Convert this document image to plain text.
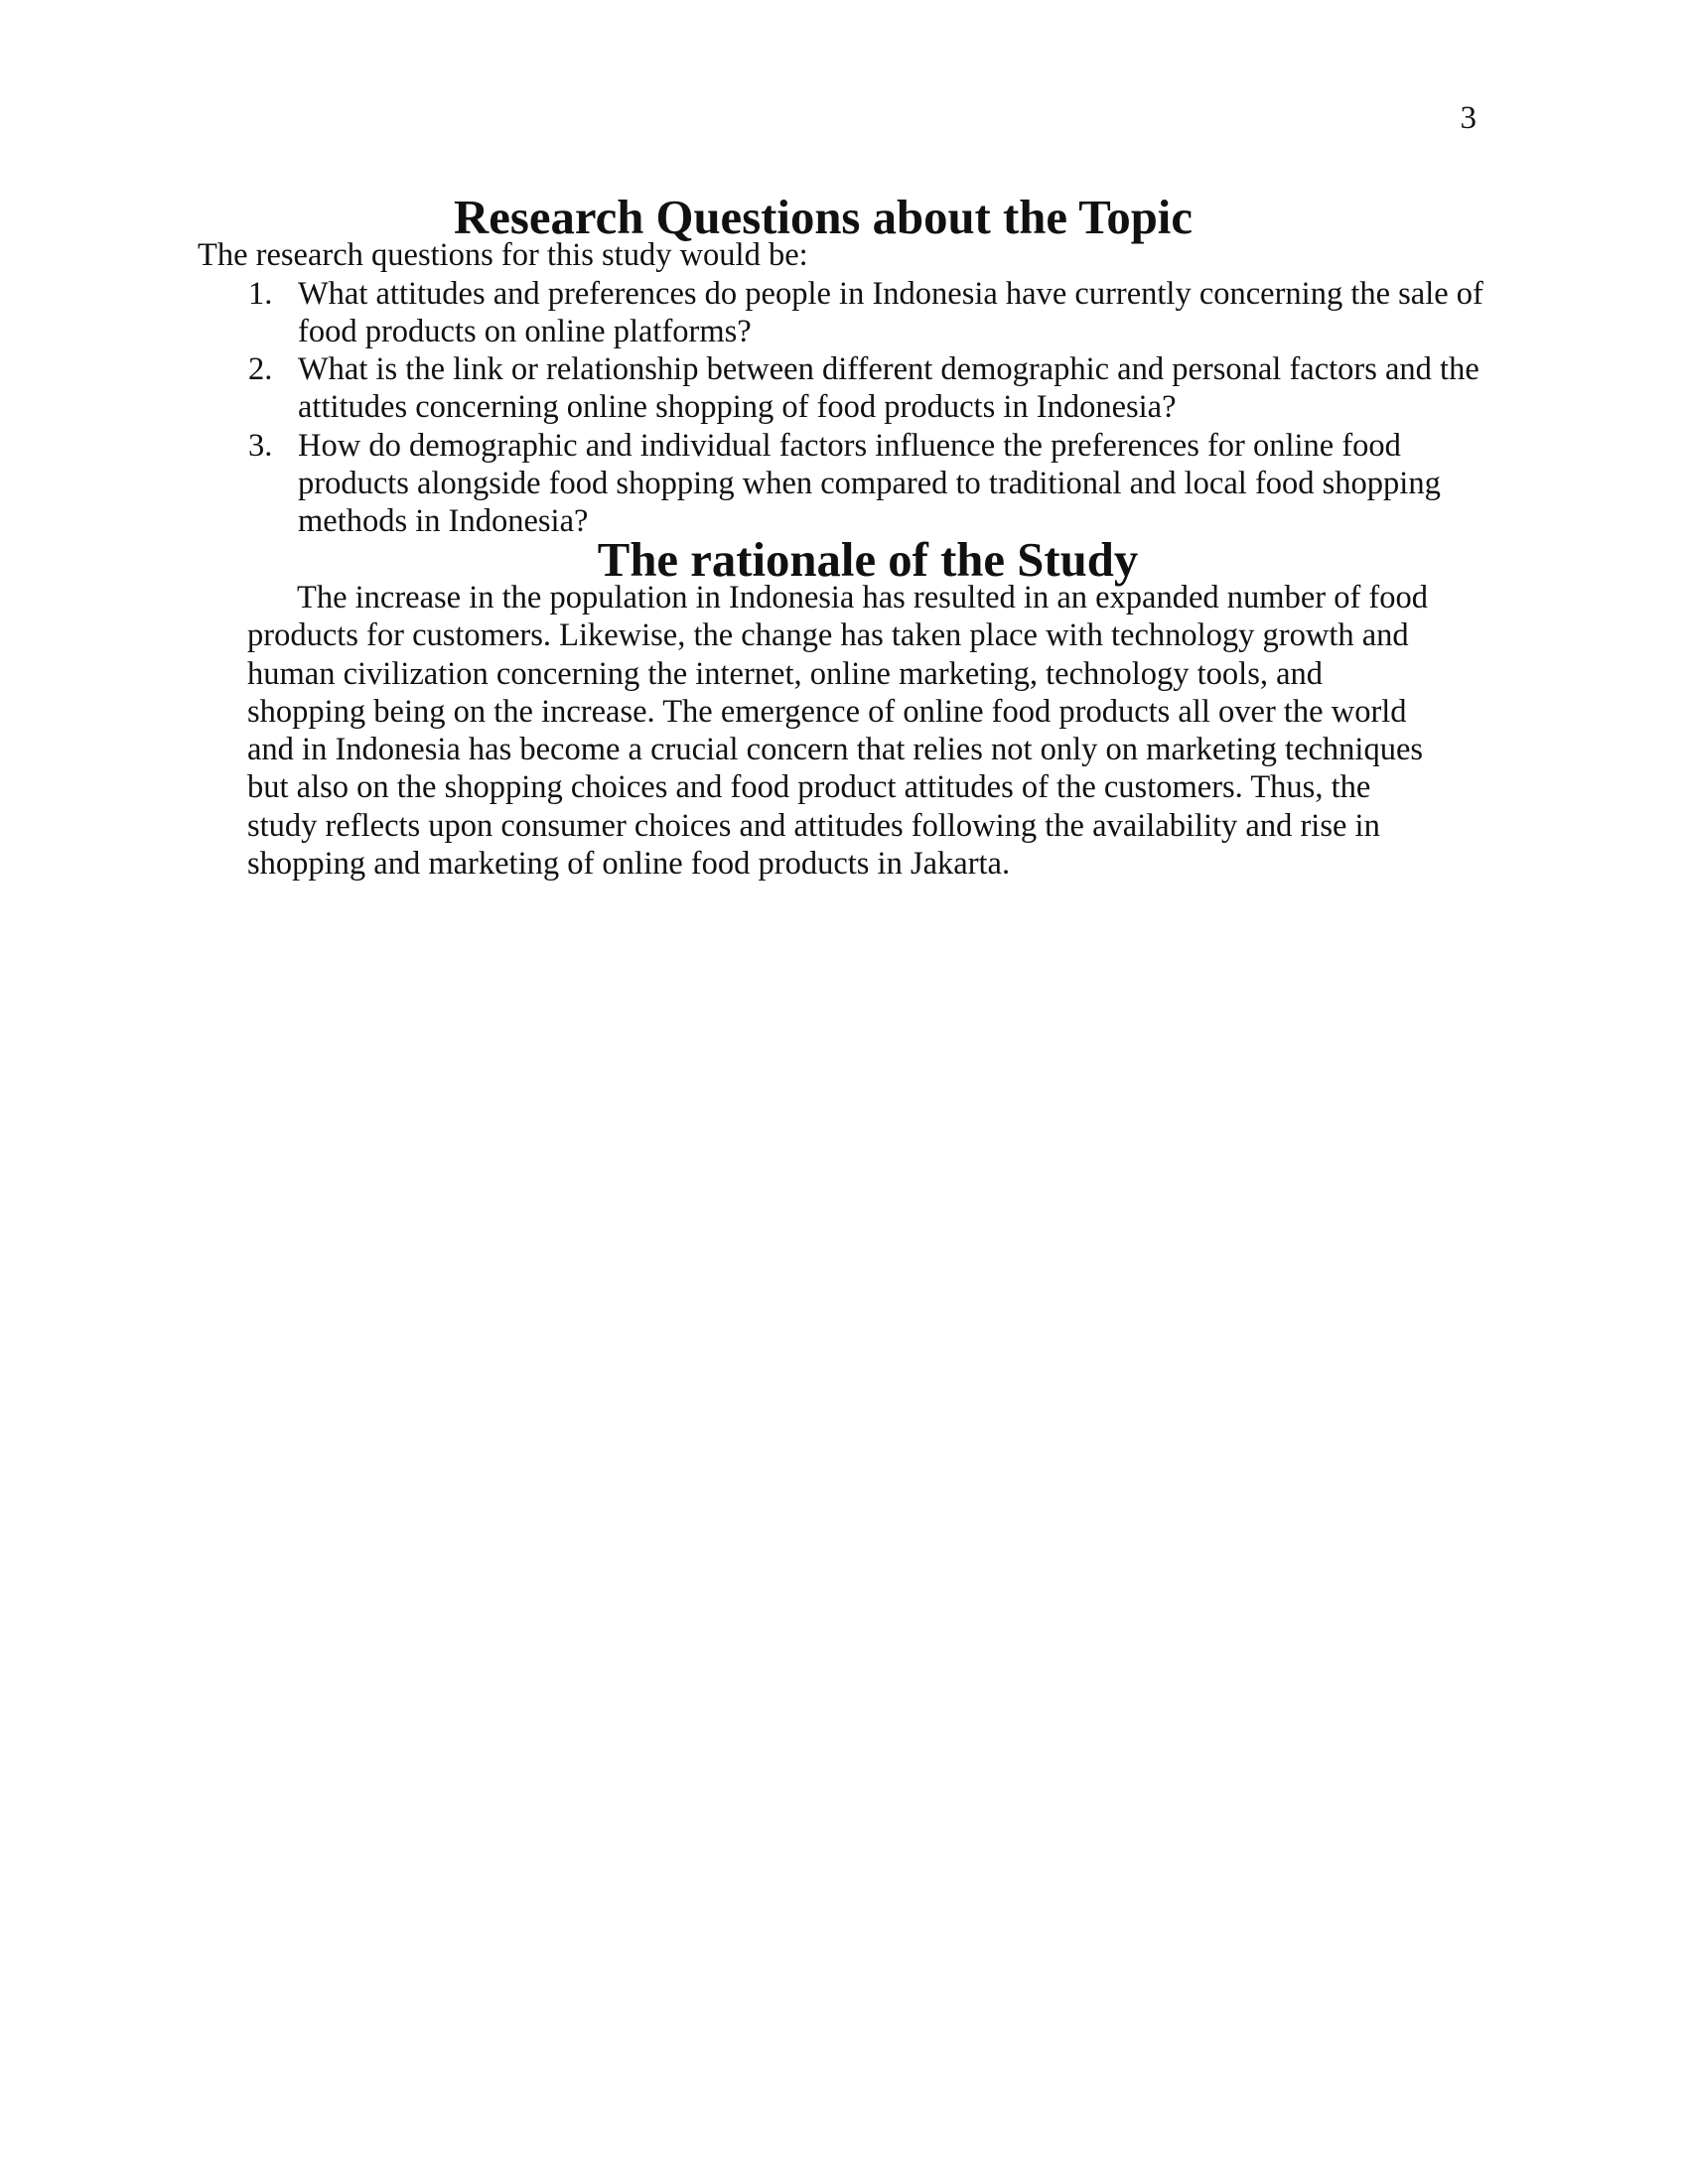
3
Research Questions about the Topic

The research questions for this study would be:

1. What attitudes and preferences do people in Indonesia have currently concerning the sale of food products on online platforms?
2. What is the link or relationship between different demographic and personal factors and the attitudes concerning online shopping of food products in Indonesia?
3. How do demographic and individual factors influence the preferences for online food products alongside food shopping when compared to traditional and local food shopping methods in Indonesia?
The rationale of the Study

The increase in the population in Indonesia has resulted in an expanded number of food products for customers. Likewise, the change has taken place with technology growth and human civilization concerning the internet, online marketing, technology tools, and shopping being on the increase. The emergence of online food products all over the world and in Indonesia has become a crucial concern that relies not only on marketing techniques but also on the shopping choices and food product attitudes of the customers. Thus, the study reflects upon consumer choices and attitudes following the availability and rise in shopping and marketing of online food products in Jakarta.
